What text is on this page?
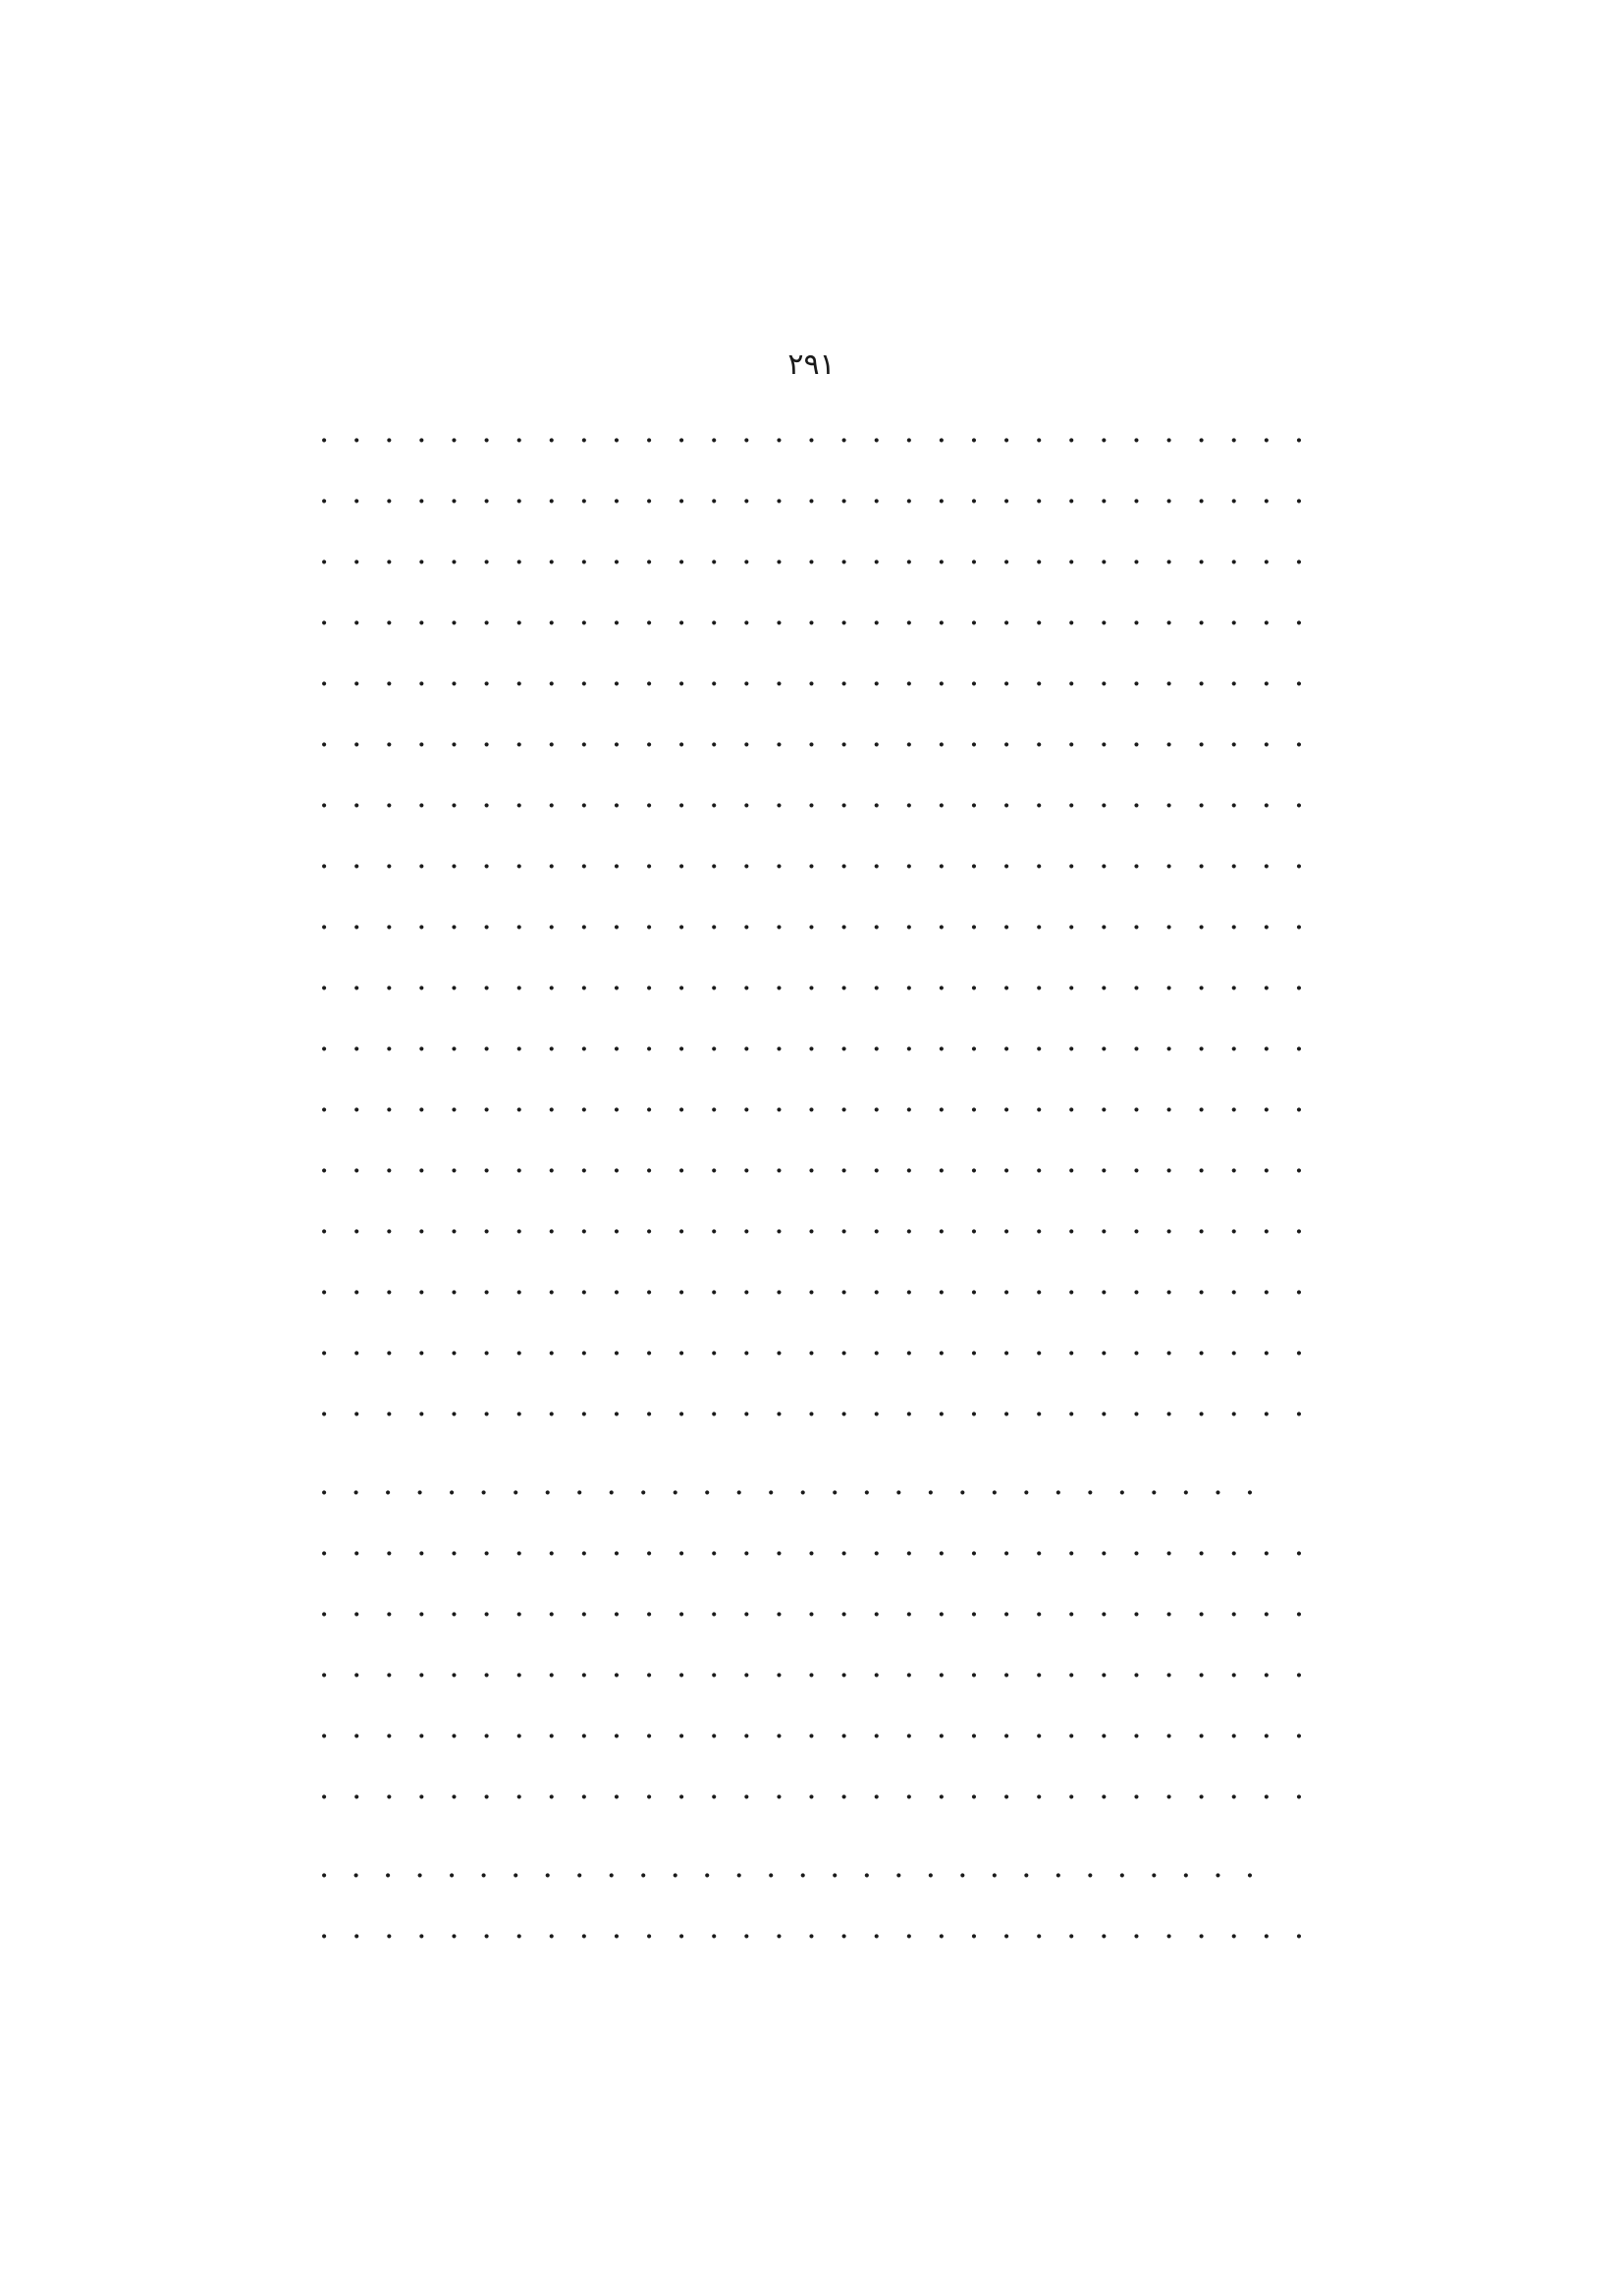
۲۹۱
. . . . . . . . . . . . . . . . . . . . . . . . . . . . . . .
. . . . . . . . . . . . . . . . . . . . . . . . . . . . . . .
. . . . . . . . . . . . . . . . . . . . . . . . . . . . . . .
. . . . . . . . . . . . . . . . . . . . . . . . . . . . . . .
. . . . . . . . . . . . . . . . . . . . . . . . . . . . . . .
. . . . . . . . . . . . . . . . . . . . . . . . . . . . . . .
. . . . . . . . . . . . . . . . . . . . . . . . . . . . . . .
. . . . . . . . . . . . . . . . . . . . . . . . . . . . . . .
. . . . . . . . . . . . . . . . . . . . . . . . . . . . . . .
. . . . . . . . . . . . . . . . . . . . . . . . . . . . . . .
. . . . . . . . . . . . . . . . . . . . . . . . . . . . . . .
. . . . . . . . . . . . . . . . . . . . . . . . . . . . . . .
. . . . . . . . . . . . . . . . . . . . . . . . . . . . . . .
. . . . . . . . . . . . . . . . . . . . . . . . . . . . . . .
. . . . . . . . . . . . . . . . . . . . . . . . . . . . . . .
. . . . . . . . . . . . . . . . . . . . . . . . . . . . . . .
. . . . . . . . . . . . . . . . . . . . . . . . . . . . . . .
. . . . . . . . . . . . . . . . . . . . . . . . . . . . . .
. . . . . . . . . . . . . . . . . . . . . . . . . . . . . . .
. . . . . . . . . . . . . . . . . . . . . . . . . . . . . . .
. . . . . . . . . . . . . . . . . . . . . . . . . . . . . . .
. . . . . . . . . . . . . . . . . . . . . . . . . . . . . . .
. . . . . . . . . . . . . . . . . . . . . . . . . . . . . . .
. . . . . . . . . . . . . . . . . . . . . . . . . . . . . .
. . . . . . . . . . . . . . . . . . . . . . . . . . . . . . .
